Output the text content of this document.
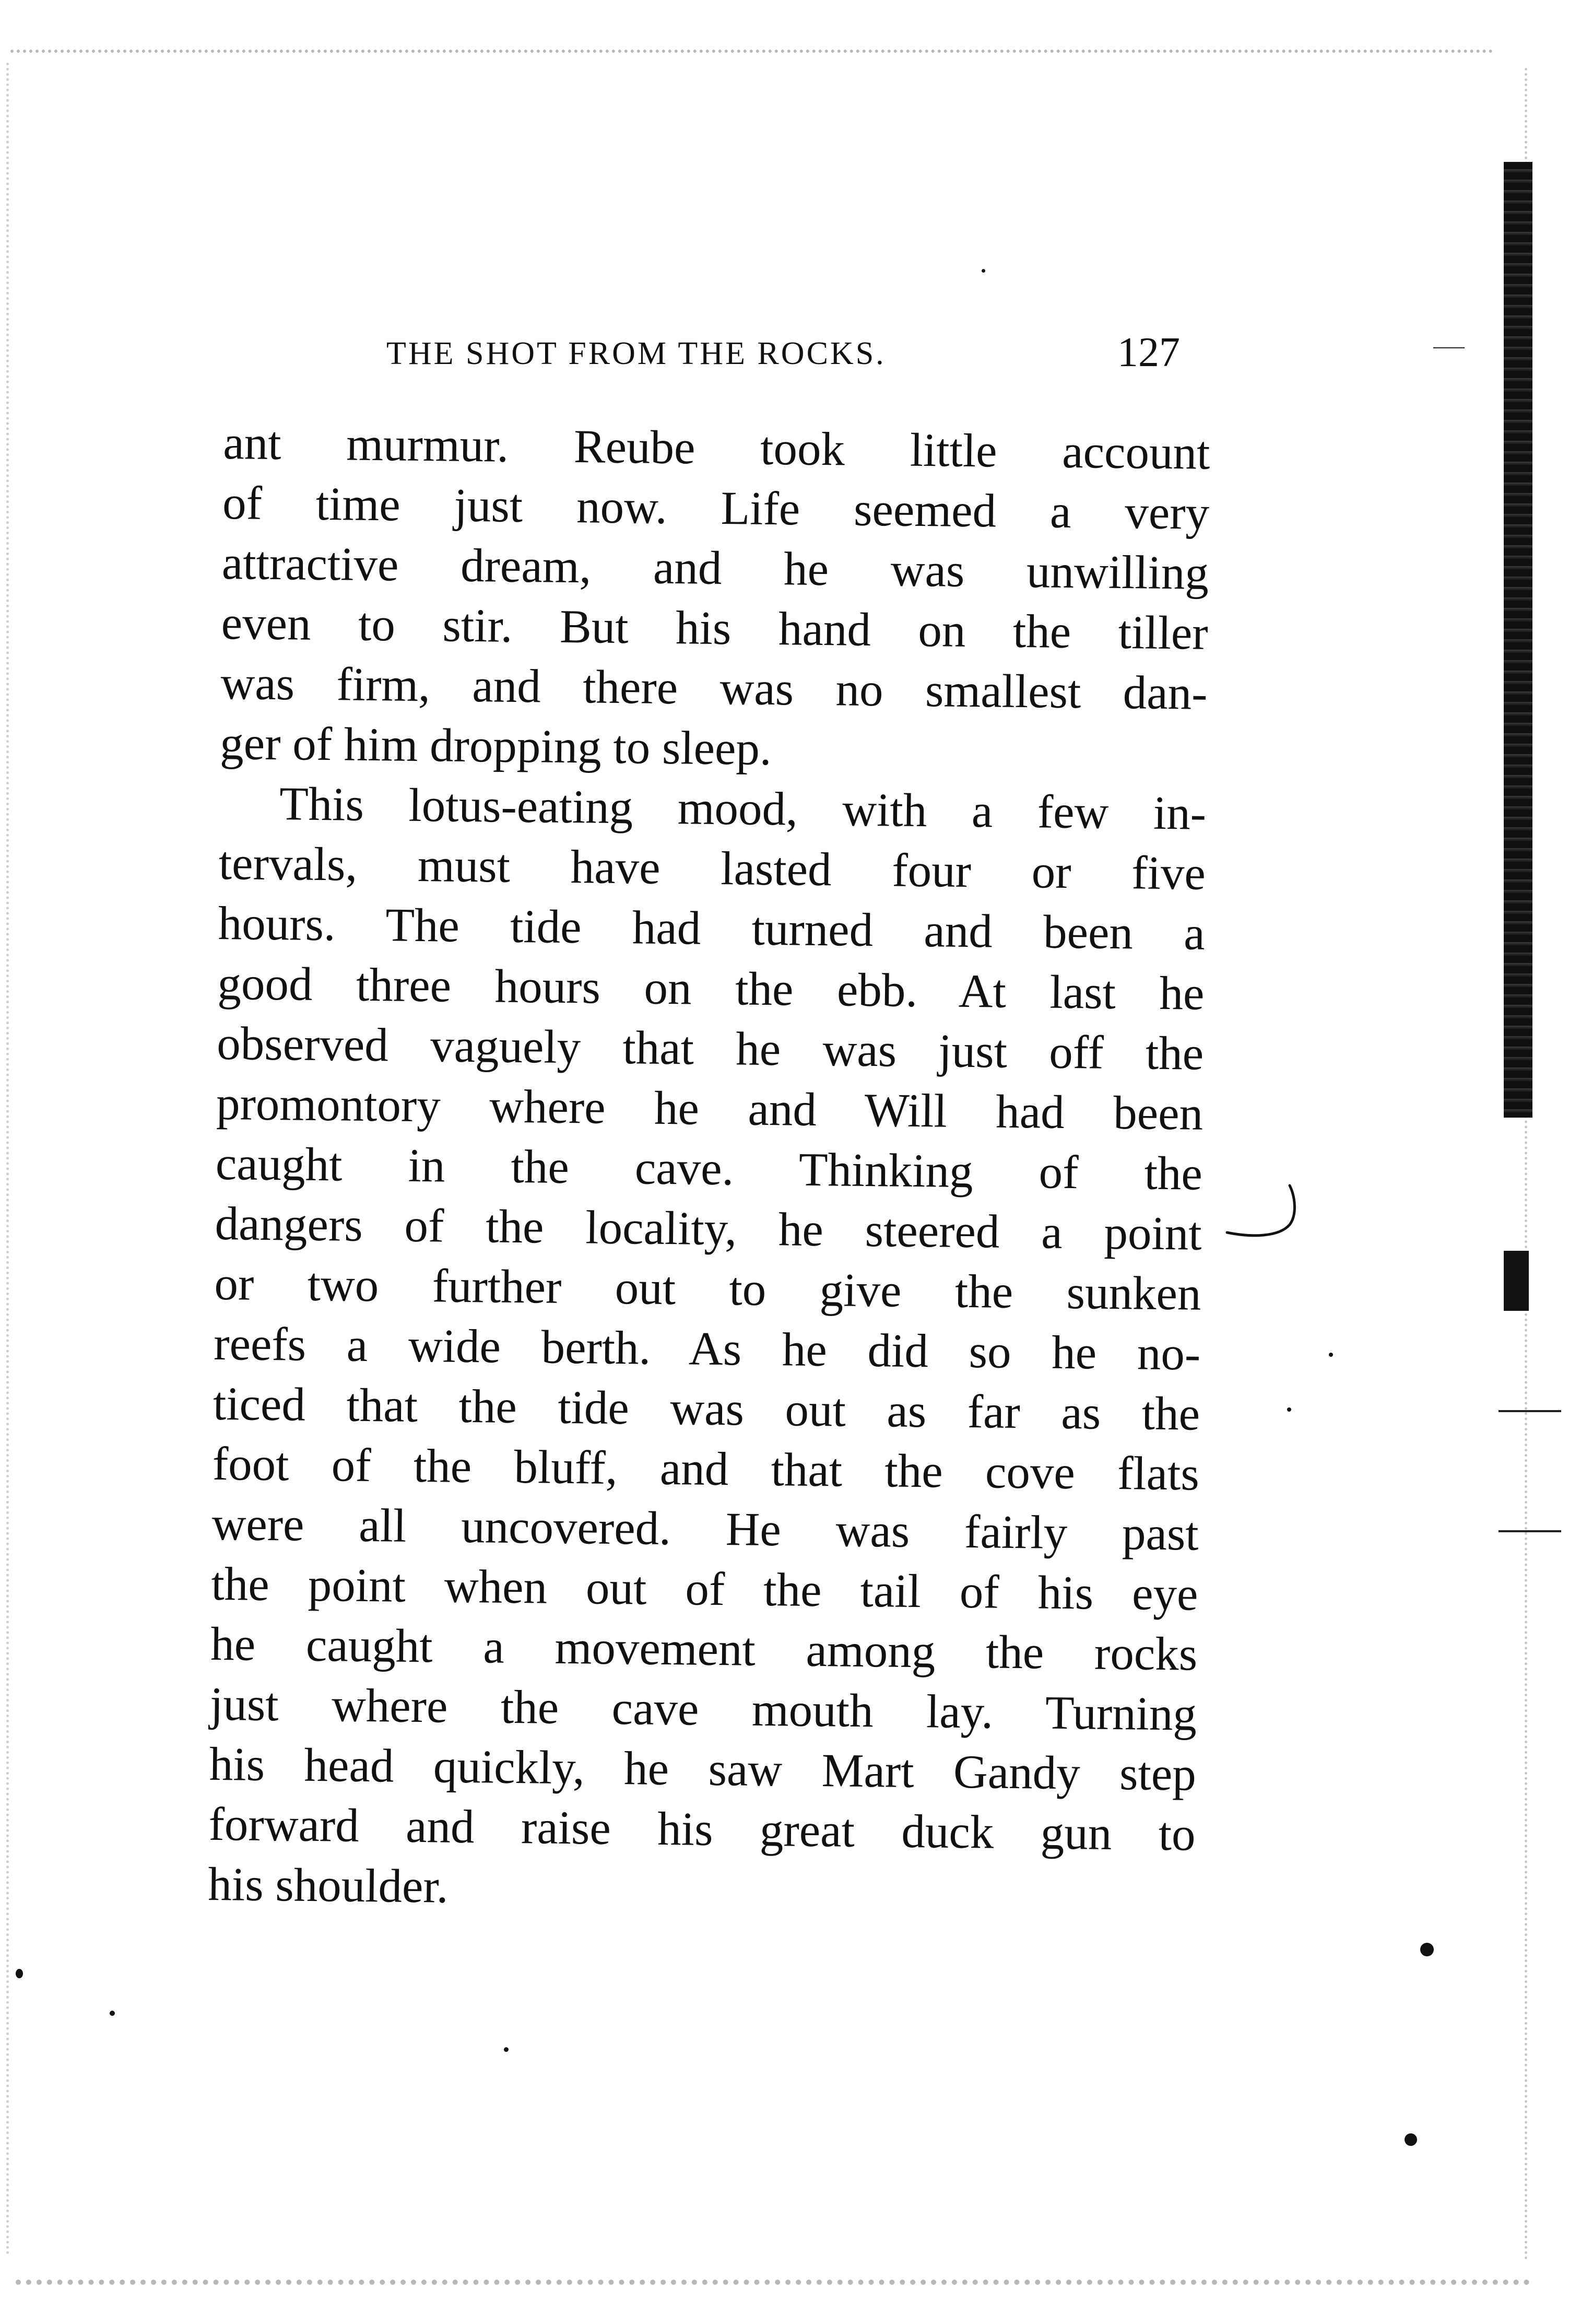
THE SHOT FROM THE ROCKS.	127
ant murmur. Reube took little account
of time just now. Life seemed a very
attractive dream, and he was unwilling
even to stir. But his hand on the tiller
was firm, and there was no smallest dan-
ger of him dropping to sleep.
This lotus-eating mood, with a few in-
tervals, must have lasted four or five
hours. The tide had turned and been a
good three hours on the ebb. At last he
observed vaguely that he was just off the
promontory where he and Will had been
caught in the cave. Thinking of the
dangers of the locality, he steered a point
or two further out to give the sunken
reefs a wide berth. As he did so he no-
ticed that the tide was out as far as the
foot of the bluff, and that the cove flats
were all uncovered. He was fairly past
the point when out of the tail of his eye
he caught a movement among the rocks
just where the cave mouth lay. Turning
his head quickly, he saw Mart Gandy step
forward and raise his great duck gun to
his shoulder.
